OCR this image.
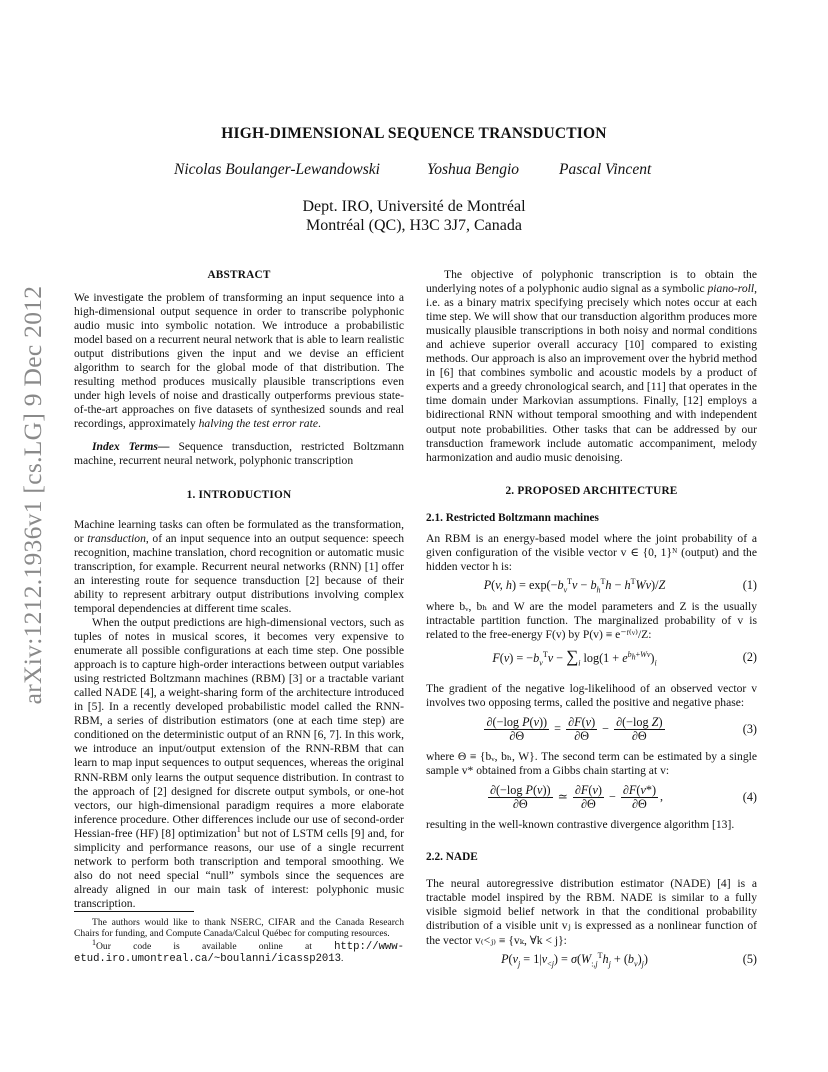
arXiv:1212.1936v1 [cs.LG] 9 Dec 2012
HIGH-DIMENSIONAL SEQUENCE TRANSDUCTION
Nicolas Boulanger-Lewandowski	Yoshua Bengio	Pascal Vincent
Dept. IRO, Université de Montréal
Montréal (QC), H3C 3J7, Canada
ABSTRACT

We investigate the problem of transforming an input sequence into a high-dimensional output sequence in order to transcribe polyphonic audio music into symbolic notation. We introduce a probabilistic model based on a recurrent neural network that is able to learn realistic output distributions given the input and we devise an efficient algorithm to search for the global mode of that distribution. The resulting method produces musically plausible transcriptions even under high levels of noise and drastically outperforms previous state-of-the-art approaches on five datasets of synthesized sounds and real recordings, approximately halving the test error rate.

Index Terms— Sequence transduction, restricted Boltzmann machine, recurrent neural network, polyphonic transcription

1. INTRODUCTION

Machine learning tasks can often be formulated as the transformation, or transduction, of an input sequence into an output sequence: speech recognition, machine translation, chord recognition or automatic music transcription, for example. Recurrent neural networks (RNN) [1] offer an interesting route for sequence transduction [2] because of their ability to represent arbitrary output distributions involving complex temporal dependencies at different time scales.

When the output predictions are high-dimensional vectors, such as tuples of notes in musical scores, it becomes very expensive to enumerate all possible configurations at each time step. One possible approach is to capture high-order interactions between output variables using restricted Boltzmann machines (RBM) [3] or a tractable variant called NADE [4], a weight-sharing form of the architecture introduced in [5]. In a recently developed probabilistic model called the RNN-RBM, a series of distribution estimators (one at each time step) are conditioned on the deterministic output of an RNN [6, 7]. In this work, we introduce an input/output extension of the RNN-RBM that can learn to map input sequences to output sequences, whereas the original RNN-RBM only learns the output sequence distribution. In contrast to the approach of [2] designed for discrete output symbols, or one-hot vectors, our high-dimensional paradigm requires a more elaborate inference procedure. Other differences include our use of second-order Hessian-free (HF) [8] optimization$^1$ but not of LSTM cells [9] and, for simplicity and performance reasons, our use of a single recurrent network to perform both transcription and temporal smoothing. We also do not need special “null” symbols since the sequences are already aligned in our main task of interest: polyphonic music transcription.

The authors would like to thank NSERC, CIFAR and the Canada Research Chairs for funding, and Compute Canada/Calcul Québec for computing resources.

$^1$Our code is available online at http://www-etud.iro.umontreal.ca/~boulanni/icassp2013.

The objective of polyphonic transcription is to obtain the underlying notes of a polyphonic audio signal as a symbolic piano-roll, i.e. as a binary matrix specifying precisely which notes occur at each time step. We will show that our transduction algorithm produces more musically plausible transcriptions in both noisy and normal conditions and achieve superior overall accuracy [10] compared to existing methods. Our approach is also an improvement over the hybrid method in [6] that combines symbolic and acoustic models by a product of experts and a greedy chronological search, and [11] that operates in the time domain under Markovian assumptions. Finally, [12] employs a bidirectional RNN without temporal smoothing and with independent output note probabilities. Other tasks that can be addressed by our transduction framework include automatic accompaniment, melody harmonization and audio music denoising.

2. PROPOSED ARCHITECTURE
2.1. Restricted Boltzmann machines

An RBM is an energy-based model where the joint probability of a given configuration of the visible vector v ∈ {0, 1}ᴺ (output) and the hidden vector h is:

P(v, $h) = \exp(-b_v^Tv - b_h^Th - h^TWv)/Z$	(1)

where bᵥ, bₕ and W are the model parameters and Z is the usually intractable partition function. The marginalized probability of v is related to the free-energy F(v) by P(v) ≡ e⁻ᶠ⁽ᵛ⁾/Z:

$F(v) = -b_v^Tv - \sum_i$ $\log(1 + e^{b_h+Wv})_i$	(2)

The gradient of the negative log-likelihood of an observed vector v involves two opposing terms, called the positive and negative phase:

$\frac{\text{∂(−log P(v))}}{\partial\Theta} = \frac{\partial F(v)}{\partial\Theta} - \frac{\text{∂(−log Z)}}{\partial\Theta}$	(3)

where Θ ≡ {bᵥ, bₕ, W}. The second term can be estimated by a single sample v* obtained from a Gibbs chain starting at v:

$\frac{\text{∂(−log P(v))}}{\partial\Theta}$ ≃ $\frac{\partial F(v)}{\partial\Theta} - \frac{\partial F(v*)}{\partial\Theta}$ ,	(4)

resulting in the well-known contrastive divergence algorithm [13].

2.2. NADE

The neural autoregressive distribution estimator (NADE) [4] is a tractable model inspired by the RBM. NADE is similar to a fully visible sigmoid belief network in that the conditional probability distribution of a visible unit vⱼ is expressed as a nonlinear function of the vector v₍<ⱼ₎ ≡ {vₖ, ∀k < j}:

$P(v_j = 1|v_{<j}) = \sigma(W_{:,j}^Th_j + (b_v)_j)$	(5)
